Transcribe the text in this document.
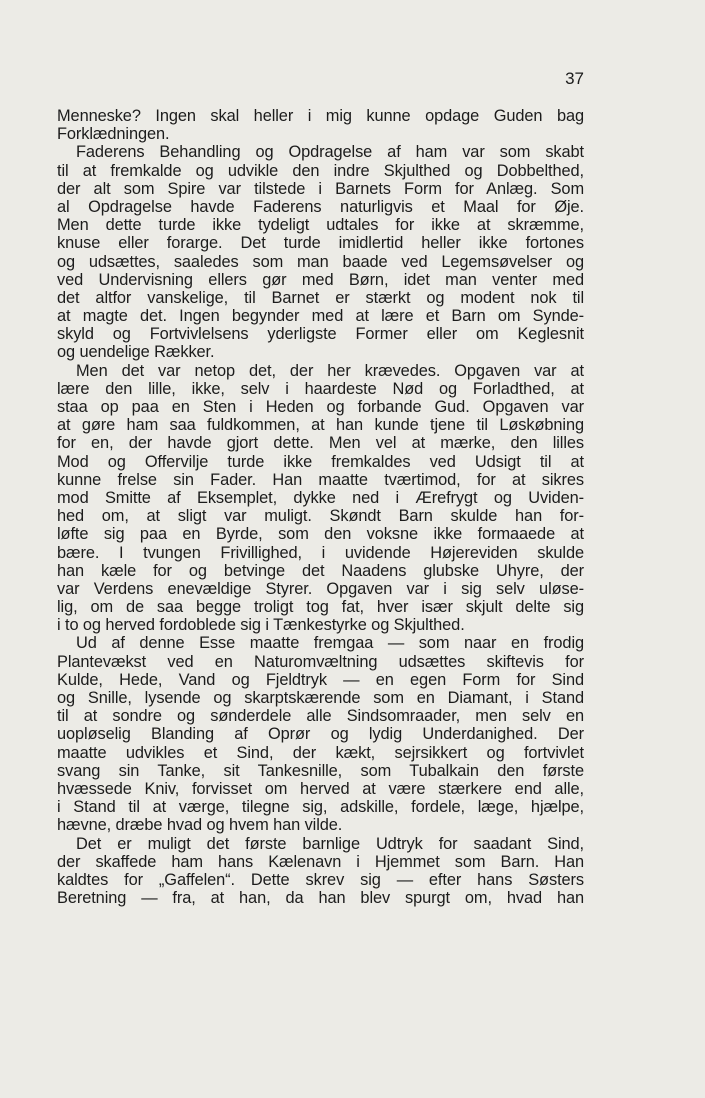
37
Menneske? Ingen skal heller i mig kunne opdage Guden bag
Forklædningen.
Faderens Behandling og Opdragelse af ham var som skabt
til at fremkalde og udvikle den indre Skjulthed og Dobbelthed,
der alt som Spire var tilstede i Barnets Form for Anlæg. Som
al Opdragelse havde Faderens naturligvis et Maal for Øje.
Men dette turde ikke tydeligt udtales for ikke at skræmme,
knuse eller forarge. Det turde imidlertid heller ikke fortones
og udsættes, saaledes som man baade ved Legemsøvelser og
ved Undervisning ellers gør med Børn, idet man venter med
det altfor vanskelige, til Barnet er stærkt og modent nok til
at magte det. Ingen begynder med at lære et Barn om Synde-
skyld og Fortvivlelsens yderligste Former eller om Keglesnit
og uendelige Rækker.
Men det var netop det, der her krævedes. Opgaven var at
lære den lille, ikke, selv i haardeste Nød og Forladthed, at
staa op paa en Sten i Heden og forbande Gud. Opgaven var
at gøre ham saa fuldkommen, at han kunde tjene til Løskøbning
for en, der havde gjort dette. Men vel at mærke, den lilles
Mod og Offervilje turde ikke fremkaldes ved Udsigt til at
kunne frelse sin Fader. Han maatte tværtimod, for at sikres
mod Smitte af Eksemplet, dykke ned i Ærefrygt og Uviden-
hed om, at sligt var muligt. Skøndt Barn skulde han for-
løfte sig paa en Byrde, som den voksne ikke formaaede at
bære. I tvungen Frivillighed, i uvidende Højereviden skulde
han kæle for og betvinge det Naadens glubske Uhyre, der
var Verdens enevældige Styrer. Opgaven var i sig selv uløse-
lig, om de saa begge troligt tog fat, hver især skjult delte sig
i to og herved fordoblede sig i Tænkestyrke og Skjulthed.
Ud af denne Esse maatte fremgaa — som naar en frodig
Plantevækst ved en Naturomvæltning udsættes skiftevis for
Kulde, Hede, Vand og Fjeldtryk — en egen Form for Sind
og Snille, lysende og skarptskærende som en Diamant, i Stand
til at sondre og sønderdele alle Sindsomraader, men selv en
uopløselig Blanding af Oprør og lydig Underdanighed. Der
maatte udvikles et Sind, der kækt, sejrsikkert og fortvivlet
svang sin Tanke, sit Tankesnille, som Tubalkain den første
hvæssede Kniv, forvisset om herved at være stærkere end alle,
i Stand til at værge, tilegne sig, adskille, fordele, læge, hjælpe,
hævne, dræbe hvad og hvem han vilde.
Det er muligt det første barnlige Udtryk for saadant Sind,
der skaffede ham hans Kælenavn i Hjemmet som Barn. Han
kaldtes for „Gaffelen“. Dette skrev sig — efter hans Søsters
Beretning — fra, at han, da han blev spurgt om, hvad han
